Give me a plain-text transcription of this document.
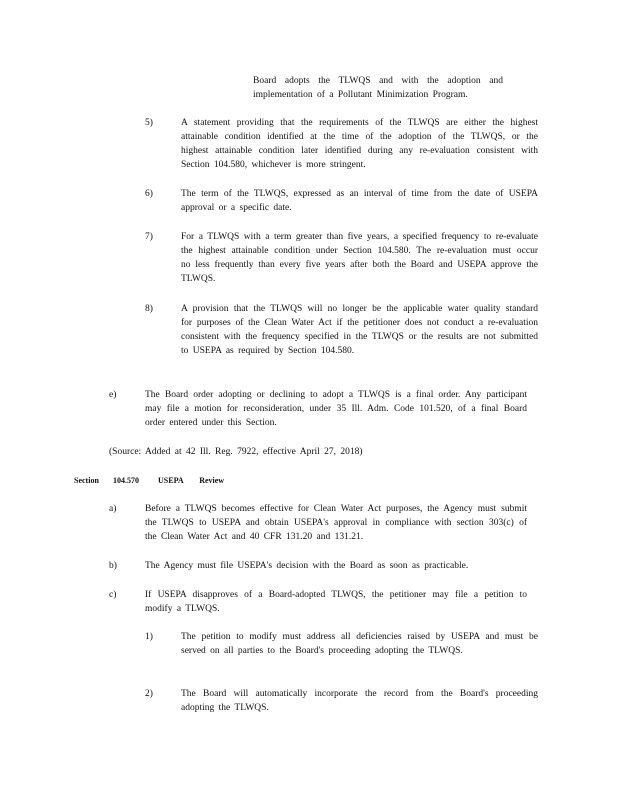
Board adopts the TLWQS and with the adoption and implementation of a Pollutant Minimization Program.
5)	A statement providing that the requirements of the TLWQS are either the highest attainable condition identified at the time of the adoption of the TLWQS, or the highest attainable condition later identified during any re-evaluation consistent with Section 104.580, whichever is more stringent.
6)	The term of the TLWQS, expressed as an interval of time from the date of USEPA approval or a specific date.
7)	For a TLWQS with a term greater than five years, a specified frequency to re-evaluate the highest attainable condition under Section 104.580. The re-evaluation must occur no less frequently than every five years after both the Board and USEPA approve the TLWQS.
8)	A provision that the TLWQS will no longer be the applicable water quality standard for purposes of the Clean Water Act if the petitioner does not conduct a re-evaluation consistent with the frequency specified in the TLWQS or the results are not submitted to USEPA as required by Section 104.580.
e)	The Board order adopting or declining to adopt a TLWQS is a final order. Any participant may file a motion for reconsideration, under 35 Ill. Adm. Code 101.520, of a final Board order entered under this Section.
(Source: Added at 42 Ill. Reg. 7922, effective April 27, 2018)
Section 104.570 USEPA Review
a)	Before a TLWQS becomes effective for Clean Water Act purposes, the Agency must submit the TLWQS to USEPA and obtain USEPA's approval in compliance with section 303(c) of the Clean Water Act and 40 CFR 131.20 and 131.21.
b)	The Agency must file USEPA's decision with the Board as soon as practicable.
c)	If USEPA disapproves of a Board-adopted TLWQS, the petitioner may file a petition to modify a TLWQS.
1)	The petition to modify must address all deficiencies raised by USEPA and must be served on all parties to the Board's proceeding adopting the TLWQS.
2)	The Board will automatically incorporate the record from the Board's proceeding adopting the TLWQS.
